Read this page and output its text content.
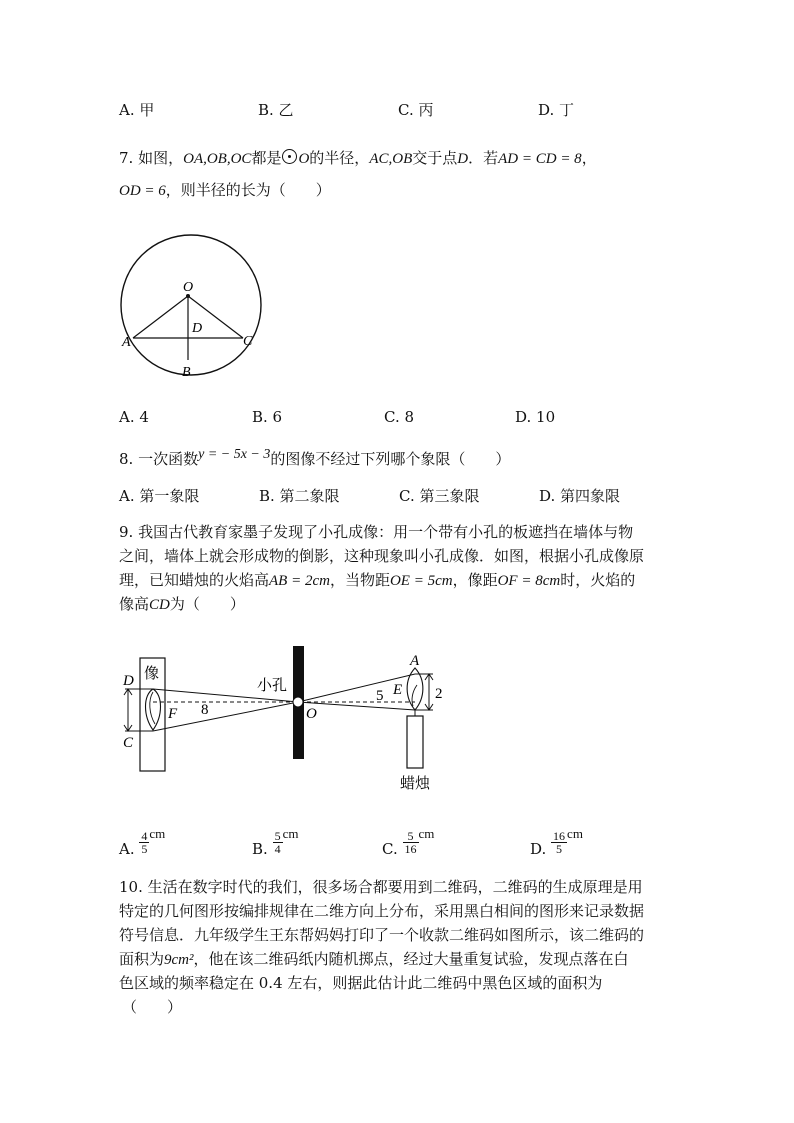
A. 甲	B. 乙	C. 丙	D. 丁
7. 如图，OA,OB,OC都是 O的半径，AC,OB交于点D．若AD = CD = 8，
OD = 6，则半径的长为（　　）
O
D
A	C
B
A. 4	B. 6	C. 8	D. 10
8. 一次函数y = − 5x − 3的图像不经过下列哪个象限（　　）
A. 第一象限	B. 第二象限	C. 第三象限	D. 第四象限
9. 我国古代教育家墨子发现了小孔成像：用一个带有小孔的板遮挡在墙体与物
之间，墙体上就会形成物的倒影，这种现象叫小孔成像．如图，根据小孔成像原
理，已知蜡烛的火焰高AB = 2cm，当物距OE = 5cm，像距OF = 8cm时，火焰的
像高CD为（　　）
像
D
C
F 8
小孔
O
5
A
E 2
蜡烛
A. $\frac{4}{5}$ cm
B. $\frac{5}{4}$ cm
C. $\frac{5}{16}$ cm
D. $\frac{16}{5}$ cm
10. 生活在数字时代的我们，很多场合都要用到二维码，二维码的生成原理是用
特定的几何图形按编排规律在二维方向上分布，采用黑白相间的图形来记录数据
符号信息．九年级学生王东帮妈妈打印了一个收款二维码如图所示，该二维码的
面积为9cm²，他在该二维码纸内随机掷点，经过大量重复试验，发现点落在白
色区域的频率稳定在 0.4 左右，则据此估计此二维码中黑色区域的面积为
（　　）
